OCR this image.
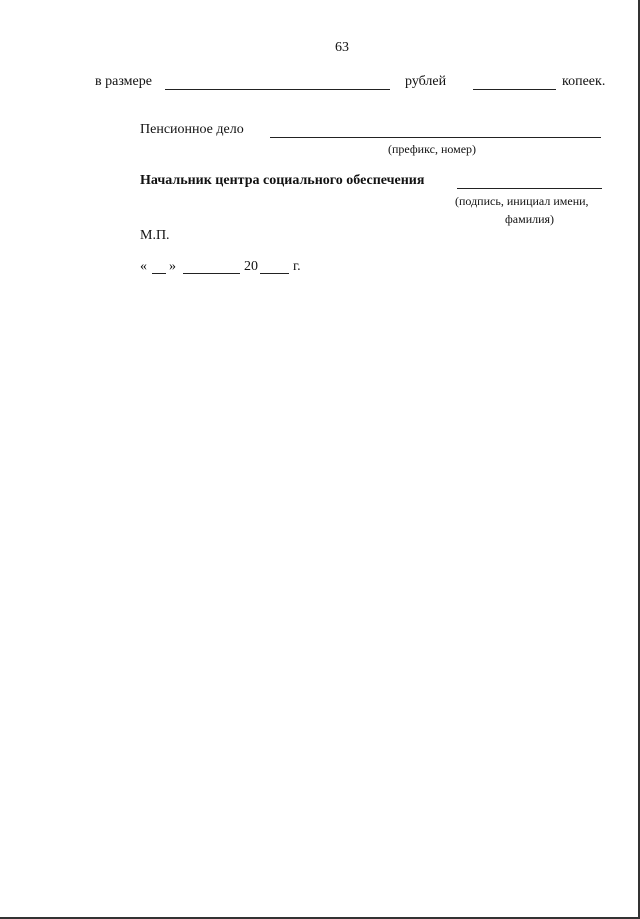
63
в размере	рублей	копеек.
Пенсионное дело
(префикс, номер)
Начальник центра социального обеспечения
(подпись, инициал имени,
фамилия)
М.П.
« »	20	г.
